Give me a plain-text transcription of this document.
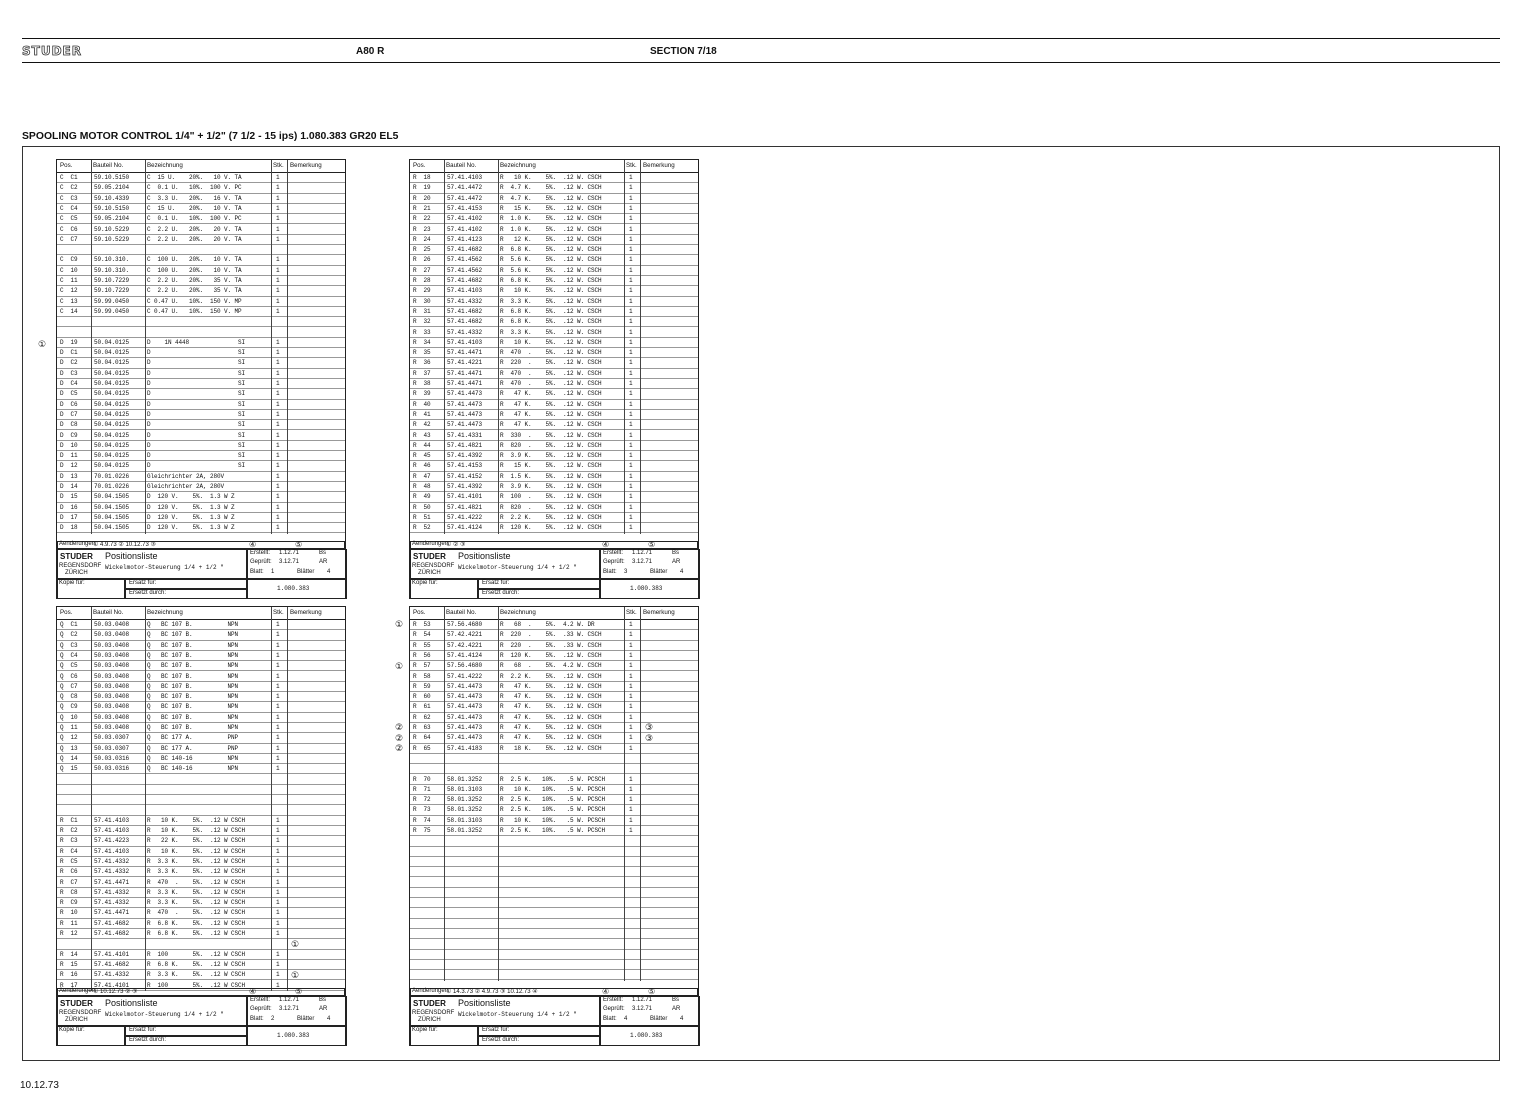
STUDER	A80 R	SECTION 7/18
SPOOLING MOTOR CONTROL 1/4" + 1/2" (7 1/2 - 15 ips) 1.080.383 GR20 EL5
10.12.73
Pos.	Bauteil No.	Bezeichnung	Stk. Bemerkung
C  C1	59.10.5150	C  15 U.    20%.   10 V. TA	1
C  C2	59.05.2104	C  0.1 U.   10%.  100 V. PC	1
C  C3	59.10.4339	C  3.3 U.   20%.   16 V. TA	1
C  C4	59.10.5150	C  15 U.    20%.   10 V. TA	1
C  C5	59.05.2104	C  0.1 U.   10%.  100 V. PC	1
C  C6	59.10.5229	C  2.2 U.   20%.   20 V. TA	1
C  C7	59.10.5229	C  2.2 U.   20%.   20 V. TA	1
C  C9	59.10.310.	C  100 U.   20%.   10 V. TA	1
C  10	59.10.310.	C  100 U.   20%.   10 V. TA	1
C  11	59.10.7229	C  2.2 U.   20%.   35 V. TA	1
C  12	59.10.7229	C  2.2 U.   20%.   35 V. TA	1
C  13	59.99.0450	C 0.47 U.   10%.  150 V. MP	1
C  14	59.99.0450	C 0.47 U.   10%.  150 V. MP	1
D  19	50.04.0125	D    1N 4448              SI	1
D  C1	50.04.0125	D                         SI	1
D  C2	50.04.0125	D                         SI	1
D  C3	50.04.0125	D                         SI	1
D  C4	50.04.0125	D                         SI	1
D  C5	50.04.0125	D                         SI	1
D  C6	50.04.0125	D                         SI	1
D  C7	50.04.0125	D                         SI	1
D  C8	50.04.0125	D                         SI	1
D  C9	50.04.0125	D                         SI	1
D  10	50.04.0125	D                         SI	1
D  11	50.04.0125	D                         SI	1
D  12	50.04.0125	D                         SI	1
D  13	70.01.0226	Gleichrichter 2A, 280V	1
D  14	70.01.0226	Gleichrichter 2A, 280V	1
D  15	50.04.1505	D  120 V.    5%.  1.3 W Z	1
D  16	50.04.1505	D  120 V.    5%.  1.3 W Z	1
D  17	50.04.1505	D  120 V.    5%.  1.3 W Z	1
D  18	50.04.1505	D  120 V.    5%.  1.3 W Z	1
Aenderungen
① 4.9.73 ② 10.12.73 ③	④	⑤
STUDER Positionsliste
REGENSDORF
ZÜRICH
Wickelmotor-Steuerung 1/4 + 1/2 "
Erstellt: 1.12.71	Bs
Geprüft: 3.12.71	AR
Blatt: 1	Blätter 4
Kopie für:	Ersatz für:
Ersetzt durch:
1.080.383
Pos.	Bauteil No.	Bezeichnung	Stk. Bemerkung
R  18	57.41.4103	R   10 K.    5%.  .12 W. CSCH	1
R  19	57.41.4472	R  4.7 K.    5%.  .12 W. CSCH	1
R  20	57.41.4472	R  4.7 K.    5%.  .12 W. CSCH	1
R  21	57.41.4153	R   15 K.    5%.  .12 W. CSCH	1
R  22	57.41.4102	R  1.0 K.    5%.  .12 W. CSCH	1
R  23	57.41.4102	R  1.0 K.    5%.  .12 W. CSCH	1
R  24	57.41.4123	R   12 K.    5%.  .12 W. CSCH	1
R  25	57.41.4682	R  6.8 K.    5%.  .12 W. CSCH	1
R  26	57.41.4562	R  5.6 K.    5%.  .12 W. CSCH	1
R  27	57.41.4562	R  5.6 K.    5%.  .12 W. CSCH	1
R  28	57.41.4682	R  6.8 K.    5%.  .12 W. CSCH	1
R  29	57.41.4103	R   10 K.    5%.  .12 W. CSCH	1
R  30	57.41.4332	R  3.3 K.    5%.  .12 W. CSCH	1
R  31	57.41.4682	R  6.8 K.    5%.  .12 W. CSCH	1
R  32	57.41.4682	R  6.8 K.    5%.  .12 W. CSCH	1
R  33	57.41.4332	R  3.3 K.    5%.  .12 W. CSCH	1
R  34	57.41.4103	R   10 K.    5%.  .12 W. CSCH	1
R  35	57.41.4471	R  470  .    5%.  .12 W. CSCH	1
R  36	57.41.4221	R  220  .    5%.  .12 W. CSCH	1
R  37	57.41.4471	R  470  .    5%.  .12 W. CSCH	1
R  38	57.41.4471	R  470  .    5%.  .12 W. CSCH	1
R  39	57.41.4473	R   47 K.    5%.  .12 W. CSCH	1
R  40	57.41.4473	R   47 K.    5%.  .12 W. CSCH	1
R  41	57.41.4473	R   47 K.    5%.  .12 W. CSCH	1
R  42	57.41.4473	R   47 K.    5%.  .12 W. CSCH	1
R  43	57.41.4331	R  330  .    5%.  .12 W. CSCH	1
R  44	57.41.4821	R  820  .    5%.  .12 W. CSCH	1
R  45	57.41.4392	R  3.9 K.    5%.  .12 W. CSCH	1
R  46	57.41.4153	R   15 K.    5%.  .12 W. CSCH	1
R  47	57.41.4152	R  1.5 K.    5%.  .12 W. CSCH	1
R  48	57.41.4392	R  3.9 K.    5%.  .12 W. CSCH	1
R  49	57.41.4101	R  100  .    5%.  .12 W. CSCH	1
R  50	57.41.4821	R  820  .    5%.  .12 W. CSCH	1
R  51	57.41.4222	R  2.2 K.    5%.  .12 W. CSCH	1
R  52	57.41.4124	R  120 K.    5%.  .12 W. CSCH	1
Aenderungen
① ② ③	④	⑤
STUDER Positionsliste
REGENSDORF
ZÜRICH
Wickelmotor-Steuerung 1/4 + 1/2 "
Erstellt: 1.12.71	Bs
Geprüft: 3.12.71	AR
Blatt: 3	Blätter 4
Kopie für:	Ersatz für:
Ersetzt durch:
1.080.383
Pos.	Bauteil No.	Bezeichnung	Stk. Bemerkung
Q  C1	50.03.0408	Q   BC 107 B.          NPN	1
Q  C2	50.03.0408	Q   BC 107 B.          NPN	1
Q  C3	50.03.0408	Q   BC 107 B.          NPN	1
Q  C4	50.03.0408	Q   BC 107 B.          NPN	1
Q  C5	50.03.0408	Q   BC 107 B.          NPN	1
Q  C6	50.03.0408	Q   BC 107 B.          NPN	1
Q  C7	50.03.0408	Q   BC 107 B.          NPN	1
Q  C8	50.03.0408	Q   BC 107 B.          NPN	1
Q  C9	50.03.0408	Q   BC 107 B.          NPN	1
Q  10	50.03.0408	Q   BC 107 B.          NPN	1
Q  11	50.03.0408	Q   BC 107 B.          NPN	1
Q  12	50.03.0307	Q   BC 177 A.          PNP	1
Q  13	50.03.0307	Q   BC 177 A.          PNP	1
Q  14	50.03.0316	Q   BC 140-16          NPN	1
Q  15	50.03.0316	Q   BC 140-16          NPN	1
R  C1	57.41.4103	R   10 K.    5%.  .12 W CSCH	1
R  C2	57.41.4103	R   10 K.    5%.  .12 W CSCH	1
R  C3	57.41.4223	R   22 K.    5%.  .12 W CSCH	1
R  C4	57.41.4103	R   10 K.    5%.  .12 W CSCH	1
R  C5	57.41.4332	R  3.3 K.    5%.  .12 W CSCH	1
R  C6	57.41.4332	R  3.3 K.    5%.  .12 W CSCH	1
R  C7	57.41.4471	R  470  .    5%.  .12 W CSCH	1
R  C8	57.41.4332	R  3.3 K.    5%.  .12 W CSCH	1
R  C9	57.41.4332	R  3.3 K.    5%.  .12 W CSCH	1
R  10	57.41.4471	R  470  .    5%.  .12 W CSCH	1
R  11	57.41.4682	R  6.8 K.    5%.  .12 W CSCH	1
R  12	57.41.4682	R  6.8 K.    5%.  .12 W CSCH	1
R  14	57.41.4101	R  100       5%.  .12 W CSCH	1
R  15	57.41.4682	R  6.8 K.    5%.  .12 W CSCH	1
R  16	57.41.4332	R  3.3 K.    5%.  .12 W CSCH	1
R  17	57.41.4101	R  100       5%.  .12 W CSCH	1
Aenderungen
① 10.12.73 ② ③	④	⑤
STUDER Positionsliste
REGENSDORF
ZÜRICH
Wickelmotor-Steuerung 1/4 + 1/2 "
Erstellt: 1.12.71	Bs
Geprüft: 3.12.71	AR
Blatt: 2	Blätter 4
Kopie für:	Ersatz für:
Ersetzt durch:
1.080.383
Pos.	Bauteil No.	Bezeichnung	Stk. Bemerkung
R  53	57.56.4680	R   68  .    5%.  4.2 W. DR	1
R  54	57.42.4221	R  220  .    5%.  .33 W. CSCH	1
R  55	57.42.4221	R  220  .    5%.  .33 W. CSCH	1
R  56	57.41.4124	R  120 K.    5%.  .12 W. CSCH	1
R  57	57.56.4680	R   68  .    5%.  4.2 W. CSCH	1
R  58	57.41.4222	R  2.2 K.    5%.  .12 W. CSCH	1
R  59	57.41.4473	R   47 K.    5%.  .12 W. CSCH	1
R  60	57.41.4473	R   47 K.    5%.  .12 W. CSCH	1
R  61	57.41.4473	R   47 K.    5%.  .12 W. CSCH	1
R  62	57.41.4473	R   47 K.    5%.  .12 W. CSCH	1
R  63	57.41.4473	R   47 K.    5%.  .12 W. CSCH	1
R  64	57.41.4473	R   47 K.    5%.  .12 W. CSCH	1
R  65	57.41.4183	R   18 K.    5%.  .12 W. CSCH	1
R  70	58.01.3252	R  2.5 K.   10%.   .5 W. PCSCH	1
R  71	58.01.3103	R   10 K.   10%.   .5 W. PCSCH	1
R  72	58.01.3252	R  2.5 K.   10%.   .5 W. PCSCH	1
R  73	58.01.3252	R  2.5 K.   10%.   .5 W. PCSCH	1
R  74	58.01.3103	R   10 K.   10%.   .5 W. PCSCH	1
R  75	58.01.3252	R  2.5 K.   10%.   .5 W. PCSCH	1
Aenderungen
① 14.3.73 ② 4.9.73 ③ 10.12.73 ④	④	⑤
STUDER Positionsliste
REGENSDORF
ZÜRICH
Wickelmotor-Steuerung 1/4 + 1/2 "
Erstellt: 1.12.71	Bs
Geprüft: 3.12.71	AR
Blatt: 4	Blätter 4
Kopie für:	Ersatz für:
Ersetzt durch:
1.080.383
①
①
①
②
②
②
③
③
①
①
